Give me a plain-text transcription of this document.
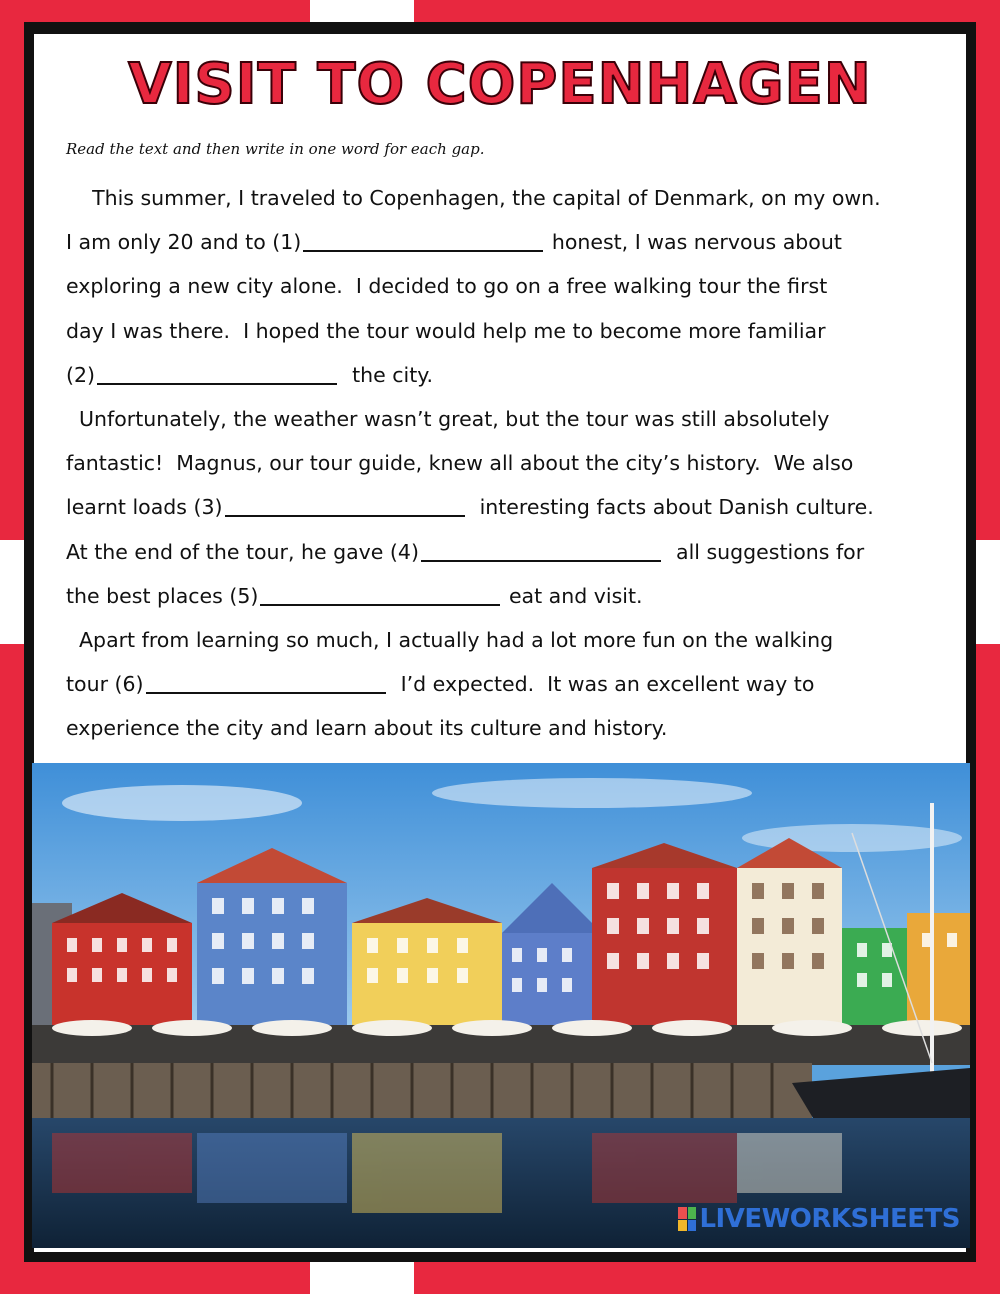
VISIT TO COPENHAGEN
Read the text and then write in one word for each gap.
This summer, I traveled to Copenhagen, the capital of Denmark, on my own.
I am only 20 and to (1)	honest, I was nervous about
exploring a new city alone.  I decided to go on a free walking tour the first
day I was there.  I hoped the tour would help me to become more familiar
(2)	the city.
Unfortunately, the weather wasn’t great, but the tour was still absolutely
fantastic!  Magnus, our tour guide, knew all about the city’s history.  We also
learnt loads (3)	interesting facts about Danish culture.
At the end of the tour, he gave (4)	all suggestions for
the best places (5)	eat and visit.
Apart from learning so much, I actually had a lot more fun on the walking
tour (6)	I’d expected.  It was an excellent way to
experience the city and learn about its culture and history.
LIVEWORKSHEETS
